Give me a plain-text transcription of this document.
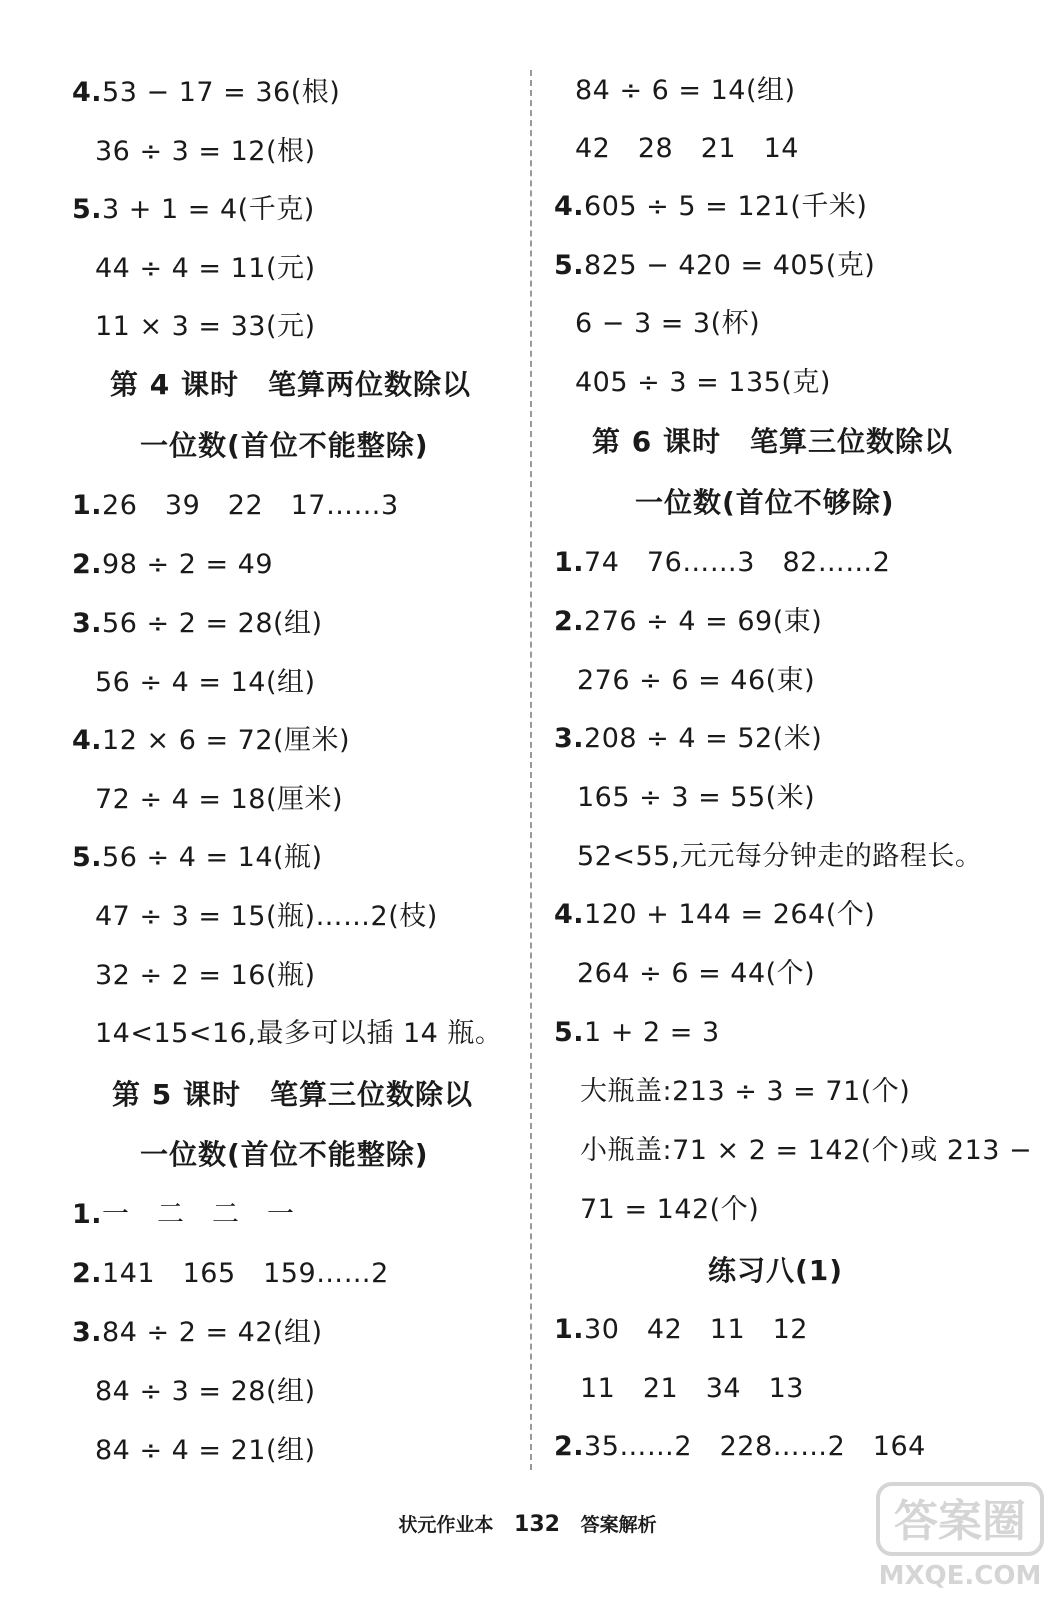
4.53 − 17 = 36(根)
36 ÷ 3 = 12(根)
5.3 + 1 = 4(千克)
44 ÷ 4 = 11(元)
11 × 3 = 33(元)
第 4 课时　笔算两位数除以
一位数(首位不能整除)
1.26　39　22　17……3
2.98 ÷ 2 = 49
3.56 ÷ 2 = 28(组)
56 ÷ 4 = 14(组)
4.12 × 6 = 72(厘米)
72 ÷ 4 = 18(厘米)
5.56 ÷ 4 = 14(瓶)
47 ÷ 3 = 15(瓶)……2(枝)
32 ÷ 2 = 16(瓶)
14<15<16,最多可以插 14 瓶。
第 5 课时　笔算三位数除以
一位数(首位不能整除)
1.一　二　二　一
2.141　165　159……2
3.84 ÷ 2 = 42(组)
84 ÷ 3 = 28(组)
84 ÷ 4 = 21(组)
84 ÷ 6 = 14(组)
42　28　21　14
4.605 ÷ 5 = 121(千米)
5.825 − 420 = 405(克)
6 − 3 = 3(杯)
405 ÷ 3 = 135(克)
第 6 课时　笔算三位数除以
一位数(首位不够除)
1.74　76……3　82……2
2.276 ÷ 4 = 69(束)
276 ÷ 6 = 46(束)
3.208 ÷ 4 = 52(米)
165 ÷ 3 = 55(米)
52<55,元元每分钟走的路程长。
4.120 + 144 = 264(个)
264 ÷ 6 = 44(个)
5.1 + 2 = 3
大瓶盖:213 ÷ 3 = 71(个)
小瓶盖:71 × 2 = 142(个)或 213 −
71 = 142(个)
练习八(1)
1.30　42　11　12
11　21　34　13
2.35……2　228……2　164
状元作业本 132 答案解析	答案圈
MXQE.COM
